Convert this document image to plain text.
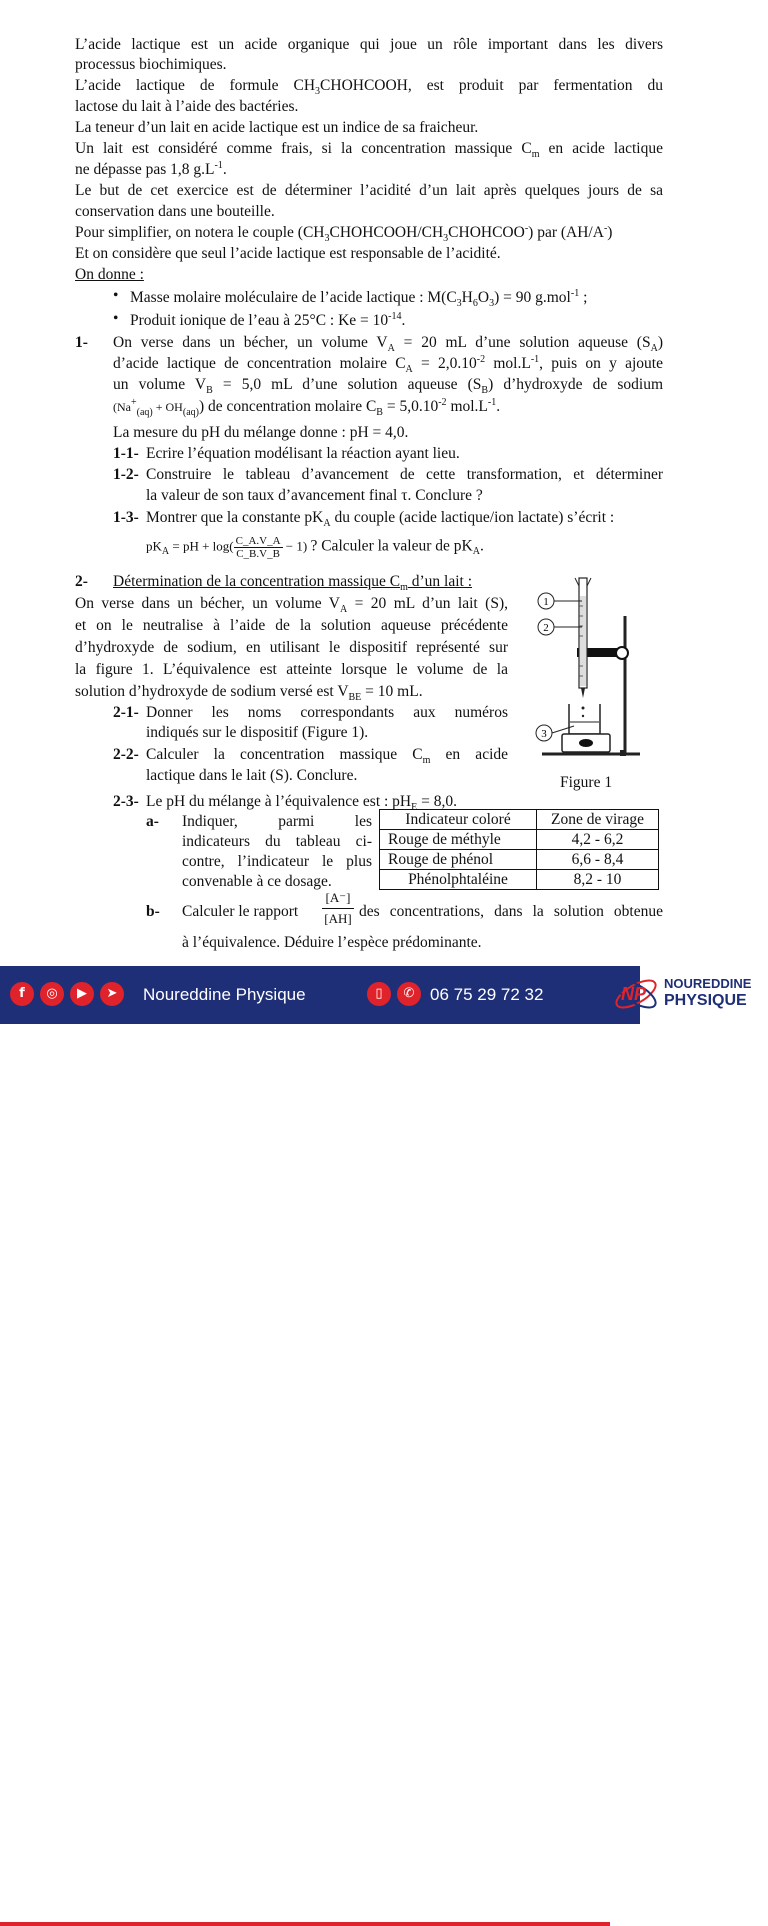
L’acide lactique est un acide organique qui joue un rôle important dans les divers
processus biochimiques.
L’acide lactique de formule $CH_3CHOHCOOH$, est produit par fermentation du
lactose du lait à l’aide des bactéries.
La teneur d’un lait en acide lactique est un indice de sa fraicheur.
Un lait est considéré comme frais, si la concentration massique $C_m$ en acide lactique
ne dépasse pas 1,8 $g.L^{-1}$.
Le but de cet exercice est de déterminer l’acidité d’un lait après quelques jours de sa
conservation dans une bouteille.
Pour simplifier, on notera le couple $(CH_3CHOHCOOH/CH_3CHOHCOO^-)$ par (AH/A-)
Et on considère que seul l’acide lactique est responsable de l’acidité.
On donne :
• Masse molaire moléculaire de l’acide lactique : $M(C_3H_6O_3) = 90$ g.mol$^{-1}$ ;
• Produit ionique de l’eau à 25°C : $Ke = 10^{-14}$.
1- On verse dans un bécher, un volume $V_A = 20$ mL d’une solution aqueuse $(S_A)$
d’acide lactique de concentration molaire $C_A = 2,0.10^{-2}$ $mol.L^{-1}$, puis on y ajoute
un volume $V_B = 5,0$ mL d’une solution aqueuse $(S_B)$ d’hydroxyde de sodium
$(Na^+_{(aq)} + OH_{(aq)})$ de concentration molaire $C_B = 5,0.10^{-2}$ $mol.L^{-1}$.
La mesure du pH du mélange donne : pH = 4,0.
1-1- Ecrire l’équation modélisant la réaction ayant lieu.
1-2- Construire le tableau d’avancement de cette transformation, et déterminer
la valeur de son taux d’avancement final τ. Conclure ?
1-3- Montrer que la constante $pK_A$ du couple (acide lactique/ion lactate) s’écrit :
$pK_A$ = pH + $\log( \frac{C\_A.V\_A}{C\_B.V\_B} - 1)$ ? Calculer la valeur de $pK_A$.
2- Détermination de la concentration massique $C_m$ d’un lait :
On verse dans un bécher, un volume $V_A = 20$ mL d’un lait (S),
et on le neutralise à l’aide de la solution aqueuse précédente
d’hydroxyde de sodium, en utilisant le dispositif représenté sur
la figure 1. L’équivalence est atteinte lorsque le volume de la
solution d’hydroxyde de sodium versé est $V_{BE} = 10$ mL.
2-1- Donner les noms correspondants aux numéros
indiqués sur le dispositif (Figure 1).
2-2- Calculer la concentration massique $C_m$ en acide
lactique dans le lait (S). Conclure.
2-3- Le pH du mélange à l’équivalence est : $pH_E = 8,0$.
a- Indiquer, parmi les
indicateurs du tableau ci-
contre, l’indicateur le plus
convenable à ce dosage.
Indicateur coloré	Zone de virage
Rouge de méthyle	4,2 - 6,2
Rouge de phénol	6,6 - 8,4
Phénolphtaléine	8,2 - 10
b- Calculer le rapport $\frac{[A^-]}{[AH]}$ des concentrations, dans la solution obtenue
à l’équivalence. Déduire l’espèce prédominante.
1
2
3
Figure 1
f	◎	▶	➤	Noureddine Physique	▯	✆ 06 75 29 72 32	NP
NOUREDDINE
PHYSIQUE
